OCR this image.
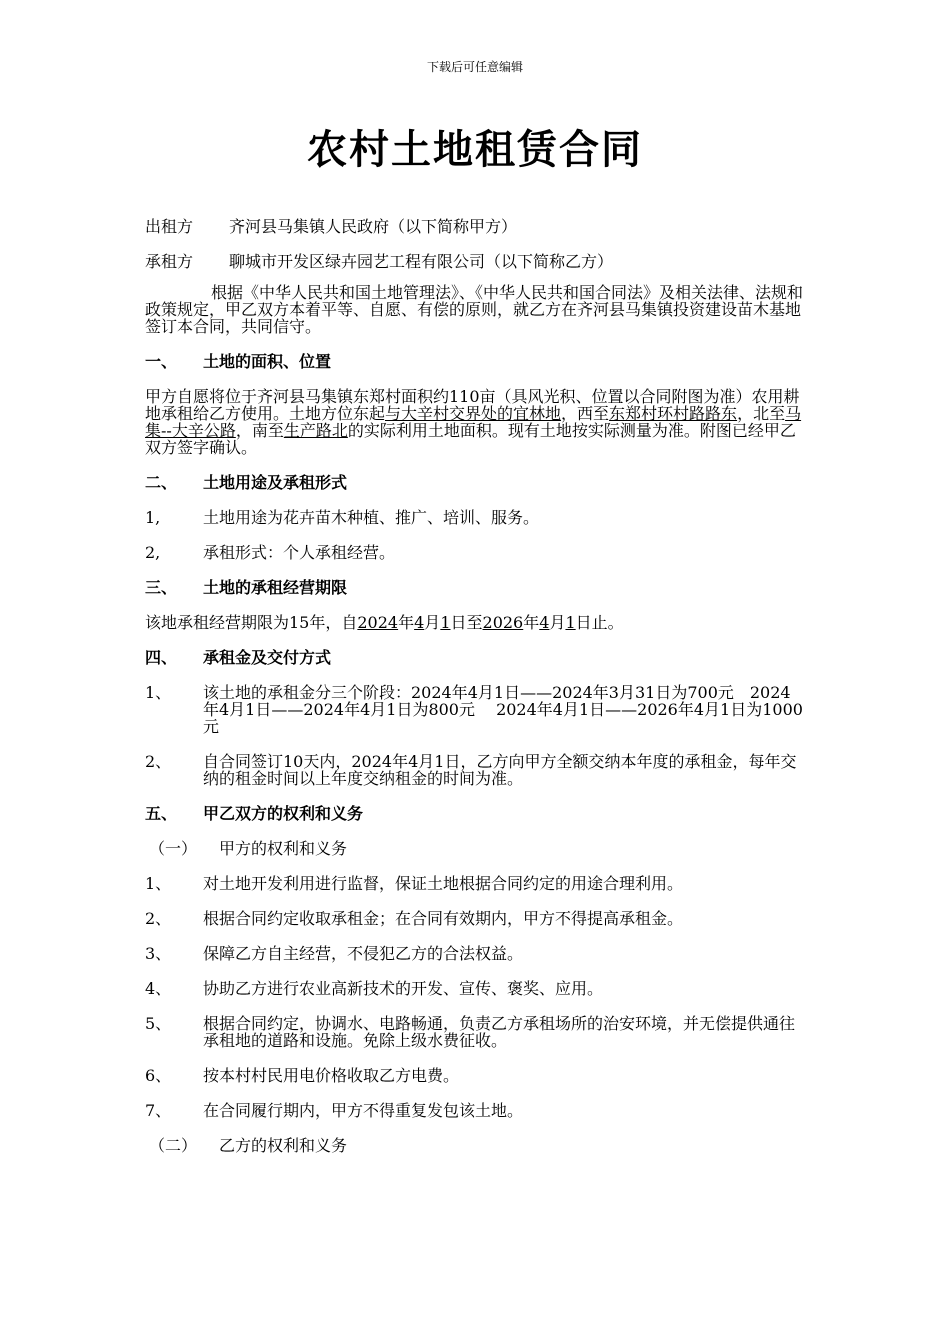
下载后可任意编辑
农村土地租赁合同
出租方 齐河县马集镇人民政府（以下简称甲方）
承租方 聊城市开发区绿卉园艺工程有限公司（以下简称乙方）
根据《中华人民共和国土地管理法》、《中华人民共和国合同法》及相关法律、法规和政策规定，甲乙双方本着平等、自愿、有偿的原则，就乙方在齐河县马集镇投资建设苗木基地签订本合同，共同信守。
一、 土地的面积、位置
甲方自愿将位于齐河县马集镇东郑村面积约110亩（具风光积、位置以合同附图为准）农用耕地承租给乙方使用。土地方位东起与大辛村交界处的宜林地，西至东郑村环村路路东，北至马集--大辛公路，南至生产路北的实际利用土地面积。现有土地按实际测量为准。附图已经甲乙双方签字确认。
二、 土地用途及承租形式
1,	土地用途为花卉苗木种植、推广、培训、服务。
2,	承租形式：个人承租经营。
三、 土地的承租经营期限
该地承租经营期限为15年，自2024年4月1日至2026年4月1日止。
四、 承租金及交付方式
1、	该土地的承租金分三个阶段：2024年4月1日——2024年3月31日为700元　2024年4月1日——2024年4月1日为800元　 2024年4月1日——2026年4月1日为1000元
2、	自合同签订10天内，2024年4月1日，乙方向甲方全额交纳本年度的承租金，每年交纳的租金时间以上年度交纳租金的时间为准。
五、 甲乙双方的权利和义务
（一） 甲方的权利和义务
1、	对土地开发利用进行监督，保证土地根据合同约定的用途合理利用。
2、	根据合同约定收取承租金；在合同有效期内，甲方不得提高承租金。
3、	保障乙方自主经营，不侵犯乙方的合法权益。
4、	协助乙方进行农业高新技术的开发、宣传、褒奖、应用。
5、	根据合同约定，协调水、电路畅通，负责乙方承租场所的治安环境，并无偿提供通往承租地的道路和设施。免除上级水费征收。
6、	按本村村民用电价格收取乙方电费。
7、	在合同履行期内，甲方不得重复发包该土地。
（二） 乙方的权利和义务
